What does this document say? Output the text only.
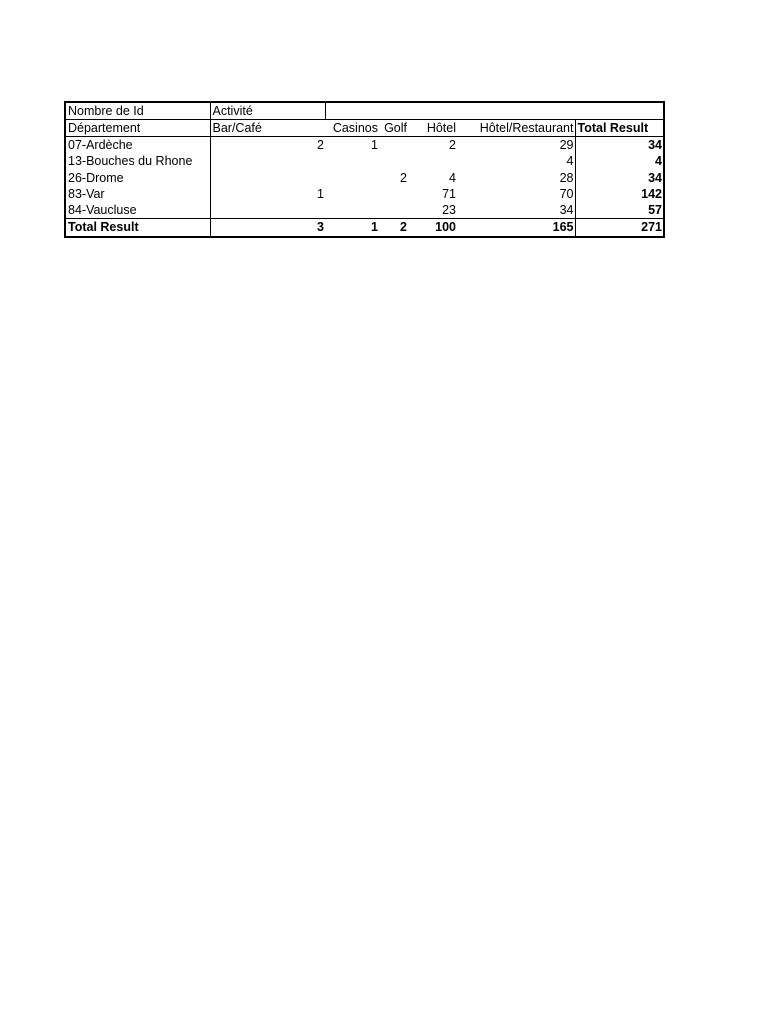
Nombre de Id	Activité					
Département	Bar/Café	Casinos	Golf	Hôtel	Hôtel/Restaurant	Total Result
07-Ardèche	2	1		2	29	34
13-Bouches du Rhone					4	4
26-Drome			2	4	28	34
83-Var	1			71	70	142
84-Vaucluse				23	34	57
Total Result	3	1	2	100	165	271
